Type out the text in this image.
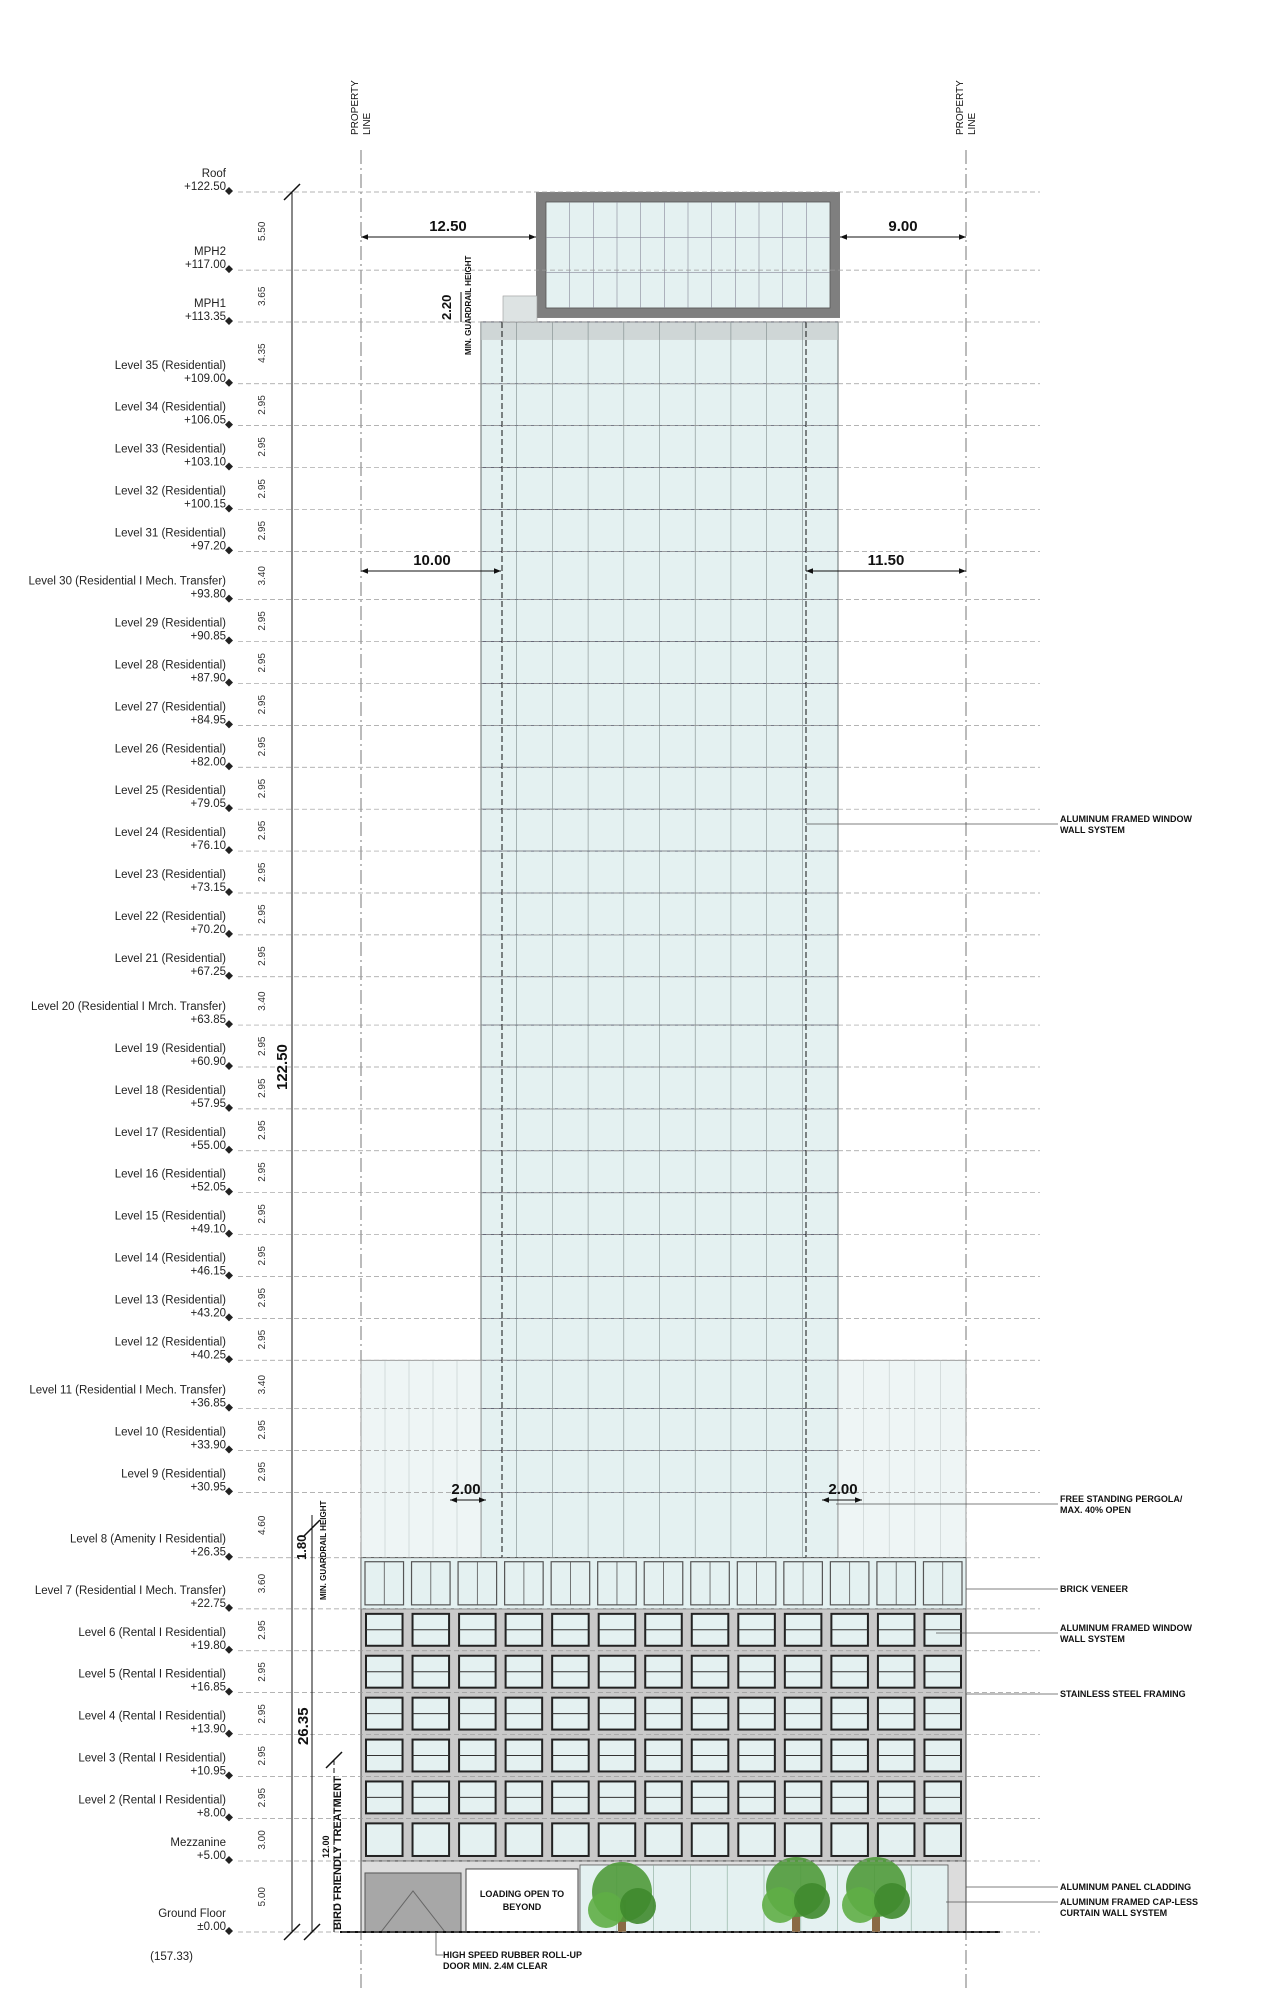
PROPERTYLINE	PROPERTYLINE
Roof
+122.50
5.50
MPH2
+117.00
3.65
MPH1
+113.35
4.35
Level 35 (Residential)
+109.00
2.95
Level 34 (Residential)
+106.05
2.95
Level 33 (Residential)
+103.10
2.95
Level 32 (Residential)
+100.15
2.95
Level 31 (Residential)
+97.20
3.40
Level 30 (Residential I Mech. Transfer)
+93.80
2.95
Level 29 (Residential)
+90.85
2.95
Level 28 (Residential)
+87.90
2.95
Level 27 (Residential)
+84.95
2.95
Level 26 (Residential)
+82.00
2.95
Level 25 (Residential)
+79.05
2.95
Level 24 (Residential)
+76.10
2.95
Level 23 (Residential)
+73.15
2.95
Level 22 (Residential)
+70.20
2.95
Level 21 (Residential)
+67.25
3.40
Level 20 (Residential I Mrch. Transfer)
+63.85
2.95
Level 19 (Residential)
+60.90
2.95
Level 18 (Residential)
+57.95
2.95
Level 17 (Residential)
+55.00
2.95
Level 16 (Residential)
+52.05
2.95
Level 15 (Residential)
+49.10
2.95
Level 14 (Residential)
+46.15
2.95
Level 13 (Residential)
+43.20
2.95
Level 12 (Residential)
+40.25
3.40
Level 11 (Residential I Mech. Transfer)
+36.85
2.95
Level 10 (Residential)
+33.90
2.95
Level 9 (Residential)
+30.95
4.60
Level 8 (Amenity I Residential)
+26.35
3.60
Level 7 (Residential I Mech. Transfer)
+22.75
2.95
Level 6 (Rental I Residential)
+19.80
2.95
Level 5 (Rental I Residential)
+16.85
2.95
Level 4 (Rental I Residential)
+13.90
2.95
Level 3 (Rental I Residential)
+10.95
2.95
Level 2 (Rental I Residential)
+8.00
3.00
Mezzanine
+5.00
5.00
Ground Floor
±0.00
122.50
26.35
12.00 BIRD FRIENDLY TREATMENT
12.50	9.00
10.00	11.50
2.00	2.00
2.20 MIN. GUARDRAIL HEIGHT
1.80 MIN. GUARDRAIL HEIGHT
ALUMINUM FRAMED WINDOW WALL SYSTEM
FREE STANDING PERGOLA/ MAX. 40% OPEN
BRICK VENEER
ALUMINUM FRAMED WINDOW WALL SYSTEM
STAINLESS STEEL FRAMING
ALUMINUM PANEL CLADDING
ALUMINUM FRAMED CAP-LESS CURTAIN WALL SYSTEM
HIGH SPEED RUBBER ROLL-UP DOOR MIN. 2.4M CLEAR
LOADING OPEN TO BEYOND
(157.33)
